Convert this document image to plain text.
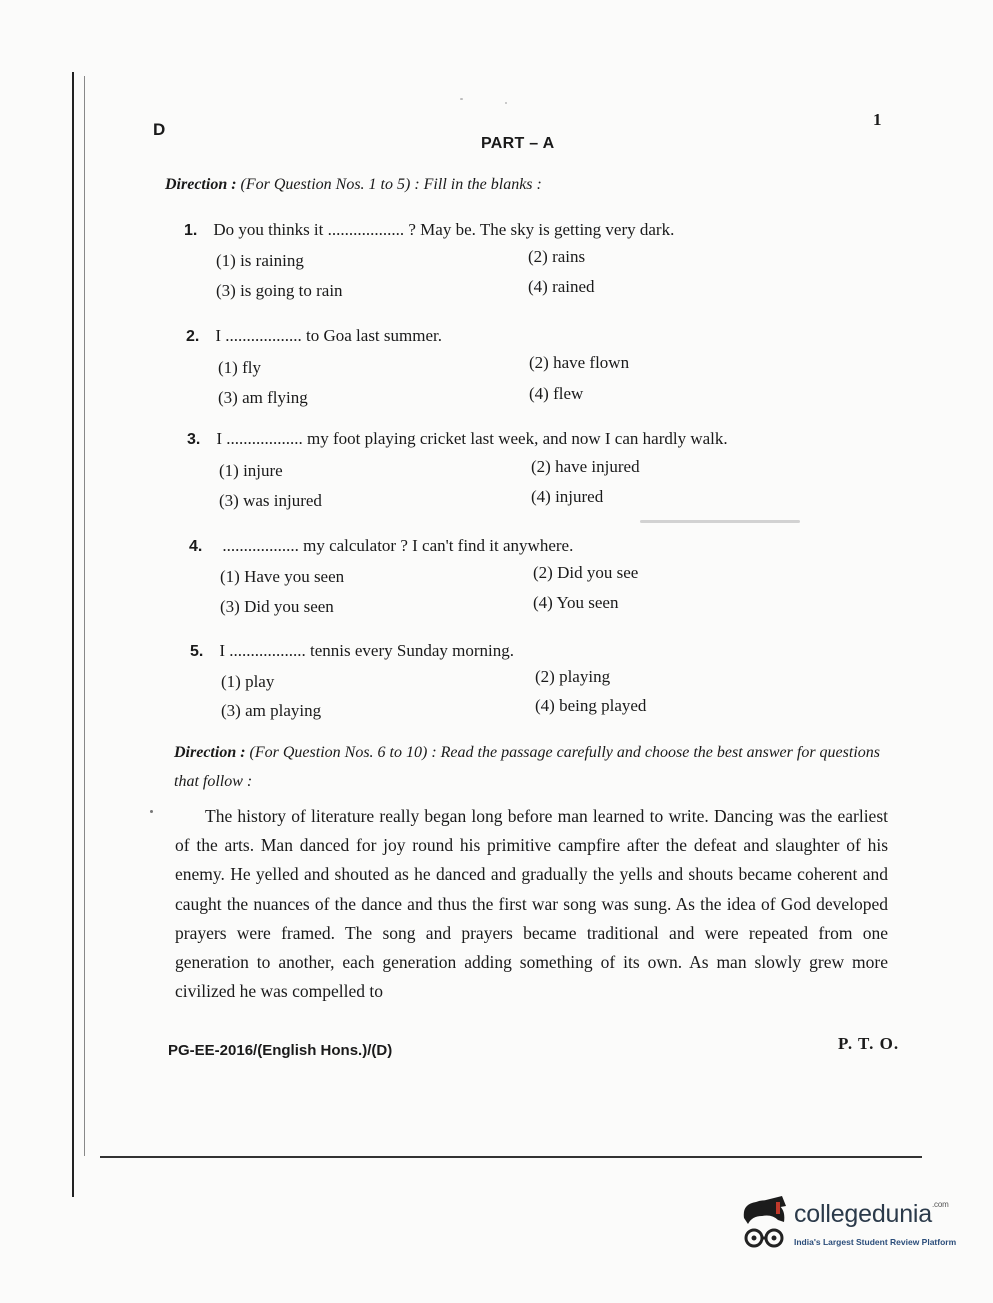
D
1
PART – A
Direction : (For Question Nos. 1 to 5) : Fill in the blanks :
1. Do you thinks it .................. ? May be. The sky is getting very dark.
(1) is raining	(2) rains
(3) is going to rain	(4) rained
2. I .................. to Goa last summer.
(1) fly	(2) have flown
(3) am flying	(4) flew
3. I .................. my foot playing cricket last week, and now I can hardly walk.
(1) injure	(2) have injured
(3) was injured	(4) injured
4. .................. my calculator ? I can't find it anywhere.
(1) Have you seen	(2) Did you see
(3) Did you seen	(4) You seen
5. I .................. tennis every Sunday morning.
(1) play	(2) playing
(3) am playing	(4) being played
Direction : (For Question Nos. 6 to 10) : Read the passage carefully and choose the best answer for questions that follow :

The history of literature really began long before man learned to write. Dancing was the earliest of the arts. Man danced for joy round his primitive campfire after the defeat and slaughter of his enemy. He yelled and shouted as he danced and gradually the yells and shouts became coherent and caught the nuances of the dance and thus the first war song was sung. As the idea of God developed prayers were framed. The song and prayers became traditional and were repeated from one generation to another, each generation adding something of its own. As man slowly grew more civilized he was compelled to

PG-EE-2016/(English Hons.)/(D)	P. T. O.
collegedunia$^{.com}$
India's Largest Student Review Platform
